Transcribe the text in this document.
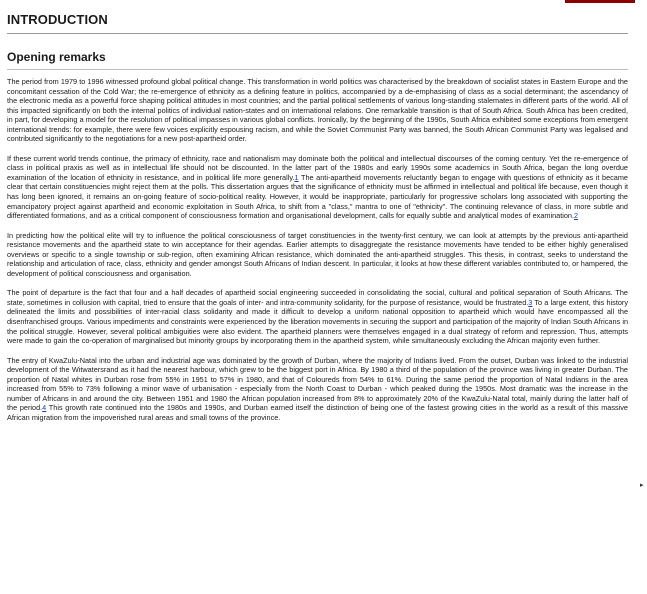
INTRODUCTION
Opening remarks

The period from 1979 to 1996 witnessed profound global political change. This transformation in world politics was characterised by the breakdown of socialist states in Eastern Europe and the concomitant cessation of the Cold War; the re-emergence of ethnicity as a defining feature in politics, accompanied by a de-emphasising of class as a social determinant; the ascendancy of the electronic media as a powerful force shaping political attitudes in most countries; and the partial political settlements of various long-standing stalemates in different parts of the world. All of this impacted significantly on both the internal politics of individual nation-states and on international relations. One remarkable transition is that of South Africa. South Africa has been credited, in part, for developing a model for the resolution of political impasses in various global conflicts. Ironically, by the beginning of the 1990s, South Africa exhibited some exceptions from emergent international trends: for example, there were few voices explicitly espousing racism, and while the Soviet Communist Party was banned, the South African Communist Party was legalised and contributed significantly to the negotiations for a new post-apartheid order.

If these current world trends continue, the primacy of ethnicity, race and nationalism may dominate both the political and intellectual discourses of the coming century. Yet the re-emergence of class in political praxis as well as in intellectual life should not be discounted. In the latter part of the 1980s and early 1990s some academics in South Africa, began the long overdue examination of the location of ethnicity in resistance, and in political life more generally.1 The anti-apartheid movements reluctantly began to engage with questions of ethnicity as it became clear that certain constituencies might reject them at the polls. This dissertation argues that the significance of ethnicity must be affirmed in intellectual and political life because, even though it has long been ignored, it remains an on-going feature of socio-political reality. However, it would be inappropriate, particularly for progressive scholars long associated with supporting the emancipatory project against apartheid and economic exploitation in South Africa, to shift from a "class," mantra to one of "ethnicity". The continuing relevance of class, in more subtle and differentiated formations, and as a critical component of consciousness formation and organisational development, calls for equally subtle and analytical modes of examination.2

In predicting how the political elite will try to influence the political consciousness of target constituencies in the twenty-first century, we can look at attempts by the previous anti-apartheid resistance movements and the apartheid state to win acceptance for their agendas. Earlier attempts to disaggregate the resistance movements have tended to be either highly generalised overviews or specific to a single township or sub-region, often examining African resistance, which dominated the anti-apartheid struggles. This thesis, in contrast, seeks to understand the relationship and articulation of race, class, ethnicity and gender amongst South Africans of Indian descent. In particular, it looks at how these different variables contributed to, or hampered, the development of political consciousness and organisation.

The point of departure is the fact that four and a half decades of apartheid social engineering succeeded in consolidating the social, cultural and political separation of South Africans. The state, sometimes in collusion with capital, tried to ensure that the goals of inter- and intra-community solidarity, for the purpose of resistance, would be frustrated.3 To a large extent, this history delineated the limits and possibilities of inter-racial class solidarity and made it difficult to develop a uniform national opposition to apartheid which would have encompassed all the disenfranchised groups. Various impediments and constraints were experienced by the liberation movements in securing the support and participation of the majority of Indian South Africans in the political struggle. However, several political ambiguities were also evident. The apartheid planners were themselves engaged in a dual strategy of reform and repression. Thus, attempts were made to gain the co-operation of marginalised but minority groups by incorporating them in the apartheid system, while simultaneously excluding the African majority even further.

The entry of KwaZulu-Natal into the urban and industrial age was dominated by the growth of Durban, where the majority of Indians lived. From the outset, Durban was linked to the industrial development of the Witwatersrand as it had the nearest harbour, which grew to be the biggest port in Africa. By 1980 a third of the population of the province was living in greater Durban. The proportion of Natal whites in Durban rose from 55% in 1951 to 57% in 1980, and that of Coloureds from 54% to 61%. During the same period the proportion of Natal Indians in the area increased from 55% to 73% following a minor wave of urbanisation - especially from the North Coast to Durban - which peaked during the 1950s. Most dramatic was the increase in the number of Africans in and around the city. Between 1951 and 1980 the African population increased from 8% to approximately 20% of the KwaZulu-Natal total, mainly during the latter half of the period.4 This growth rate continued into the 1980s and 1990s, and Durban earned itself the distinction of being one of the fastest growing cities in the world as a result of this massive African migration from the impoverished rural areas and small towns of the province.

▸
